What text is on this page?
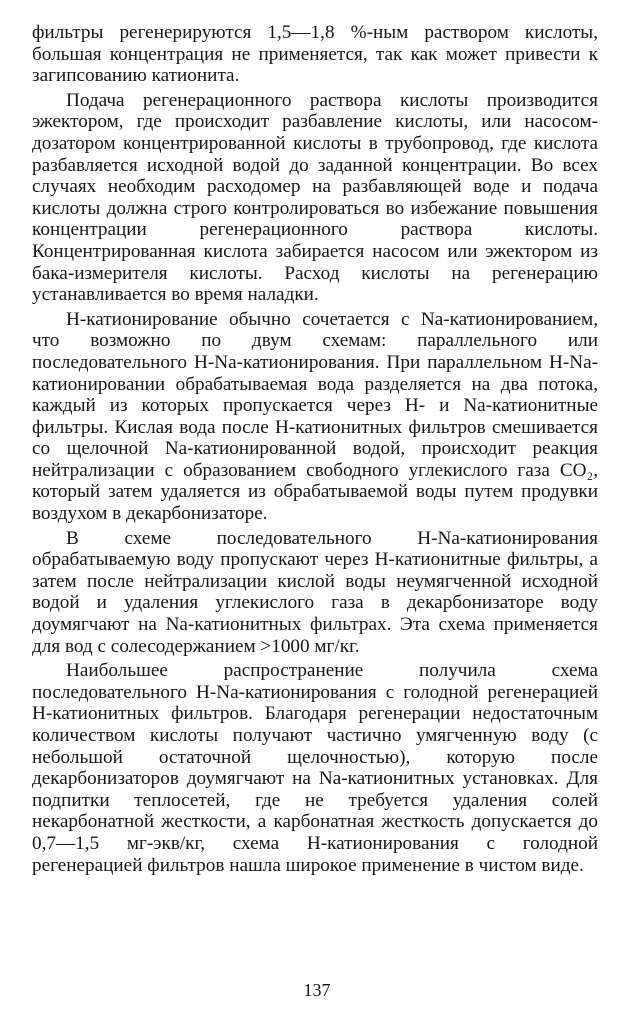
фильтры регенерируются 1,5—1,8 %-ным раствором кислоты, большая концентрация не применяется, так как может привести к загипсованию катионита.

Подача регенерационного раствора кислоты производится эжектором, где происходит разбавление кислоты, или насосом-дозатором концентрированной кислоты в трубопровод, где кислота разбавляется исходной водой до заданной концентрации. Во всех случаях необходим расходомер на разбавляющей воде и подача кислоты должна строго контролироваться во избежание повышения концентрации регенерационного раствора кислоты. Концентрированная кислота забирается насосом или эжектором из бака-измерителя кислоты. Расход кислоты на регенерацию устанавливается во время наладки.

Н-катионирование обычно сочетается с Na-катионированием, что возможно по двум схемам: параллельного или последовательного Н-Na-катионирования. При параллельном Н-Na-катионировании обрабатываемая вода разделяется на два потока, каждый из которых пропускается через Н- и Na-катионитные фильтры. Кислая вода после Н-катионитных фильтров смешивается со щелочной Na-катионированной водой, происходит реакция нейтрализации с образованием свободного углекислого газа CO₂, который затем удаляется из обрабатываемой воды путем продувки воздухом в декарбонизаторе.

В схеме последовательного Н-Na-катионирования обрабатываемую воду пропускают через Н-катионитные фильтры, а затем после нейтрализации кислой воды неумягченной исходной водой и удаления углекислого газа в декарбонизаторе воду доумягчают на Na-катионитных фильтрах. Эта схема применяется для вод с солесодержанием >1000 мг/кг.

Наибольшее распространение получила схема последовательного Н-Na-катионирования с голодной регенерацией Н-катионитных фильтров. Благодаря регенерации недостаточным количеством кислоты получают частично умягченную воду (с небольшой остаточной щелочностью), которую после декарбонизаторов доумягчают на Na-катионитных установках. Для подпитки теплосетей, где не требуется удаления солей некарбонатной жесткости, а карбонатная жесткость допускается до 0,7—1,5 мг-экв/кг, схема Н-катионирования с голодной регенерацией фильтров нашла широкое применение в чистом виде.

137
